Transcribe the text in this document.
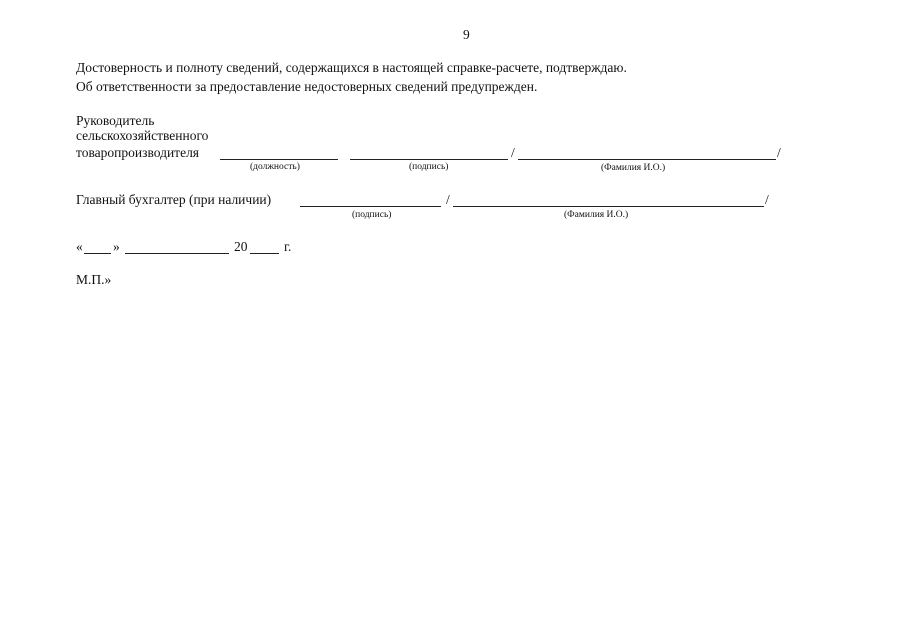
9
Достоверность и полноту сведений, содержащихся в настоящей справке-расчете, подтверждаю.
Об ответственности за предоставление недостоверных сведений предупрежден.
Руководитель
сельскохозяйственного
товаропроизводителя	/	/
(должность)	(подпись)	(Фамилия И.О.)
Главный бухгалтер (при наличии)	/	/
(подпись)	(Фамилия И.О.)
« »	20	г.
М.П.»
